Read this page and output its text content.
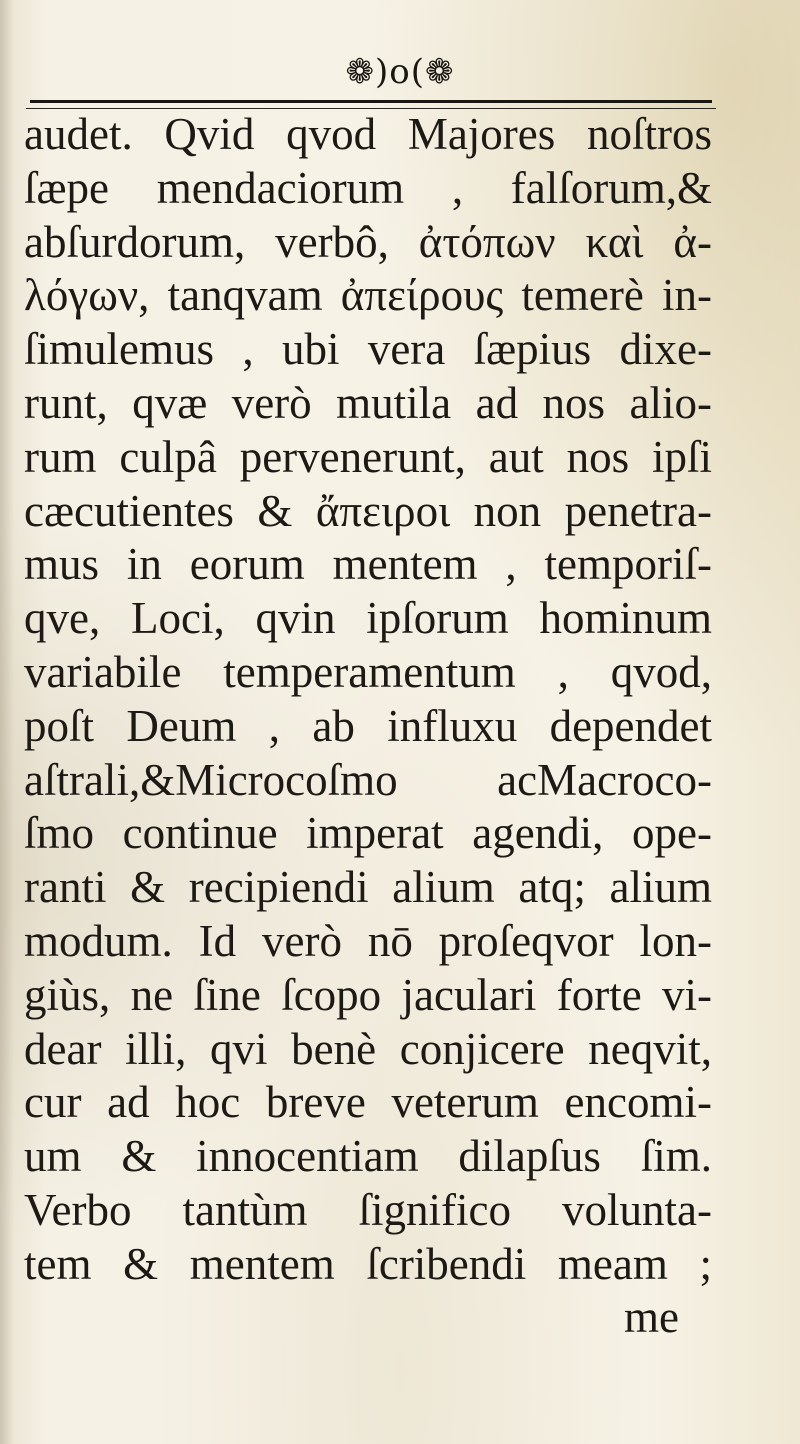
❁)o(❁
audet. Qvid qvod Majores noſtros
ſæpe mendaciorum , falſorum,&
abſurdorum, verbô, ἀτόπων καὶ ἀ-
λόγων, tanqvam ἀπείρους temerè in-
ſimulemus , ubi vera ſæpius dixe-
runt, qvæ verò mutila ad nos alio-
rum culpâ pervenerunt, aut nos ipſi
cæcutientes & ἄπειροι non penetra-
mus in eorum mentem , temporiſ-
qve, Loci, qvin ipſorum hominum
variabile temperamentum , qvod,
poſt Deum , ab influxu dependet
aſtrali,&Microcoſmo acMacroco-
ſmo continue imperat agendi, ope-
ranti & recipiendi alium atq; alium
modum. Id verò nō proſeqvor lon-
giùs, ne ſine ſcopo jaculari forte vi-
dear illi, qvi benè conjicere neqvit,
cur ad hoc breve veterum encomi-
um & innocentiam dilapſus ſim.
Verbo tantùm ſignifico volunta-
tem & mentem ſcribendi meam ;
me
